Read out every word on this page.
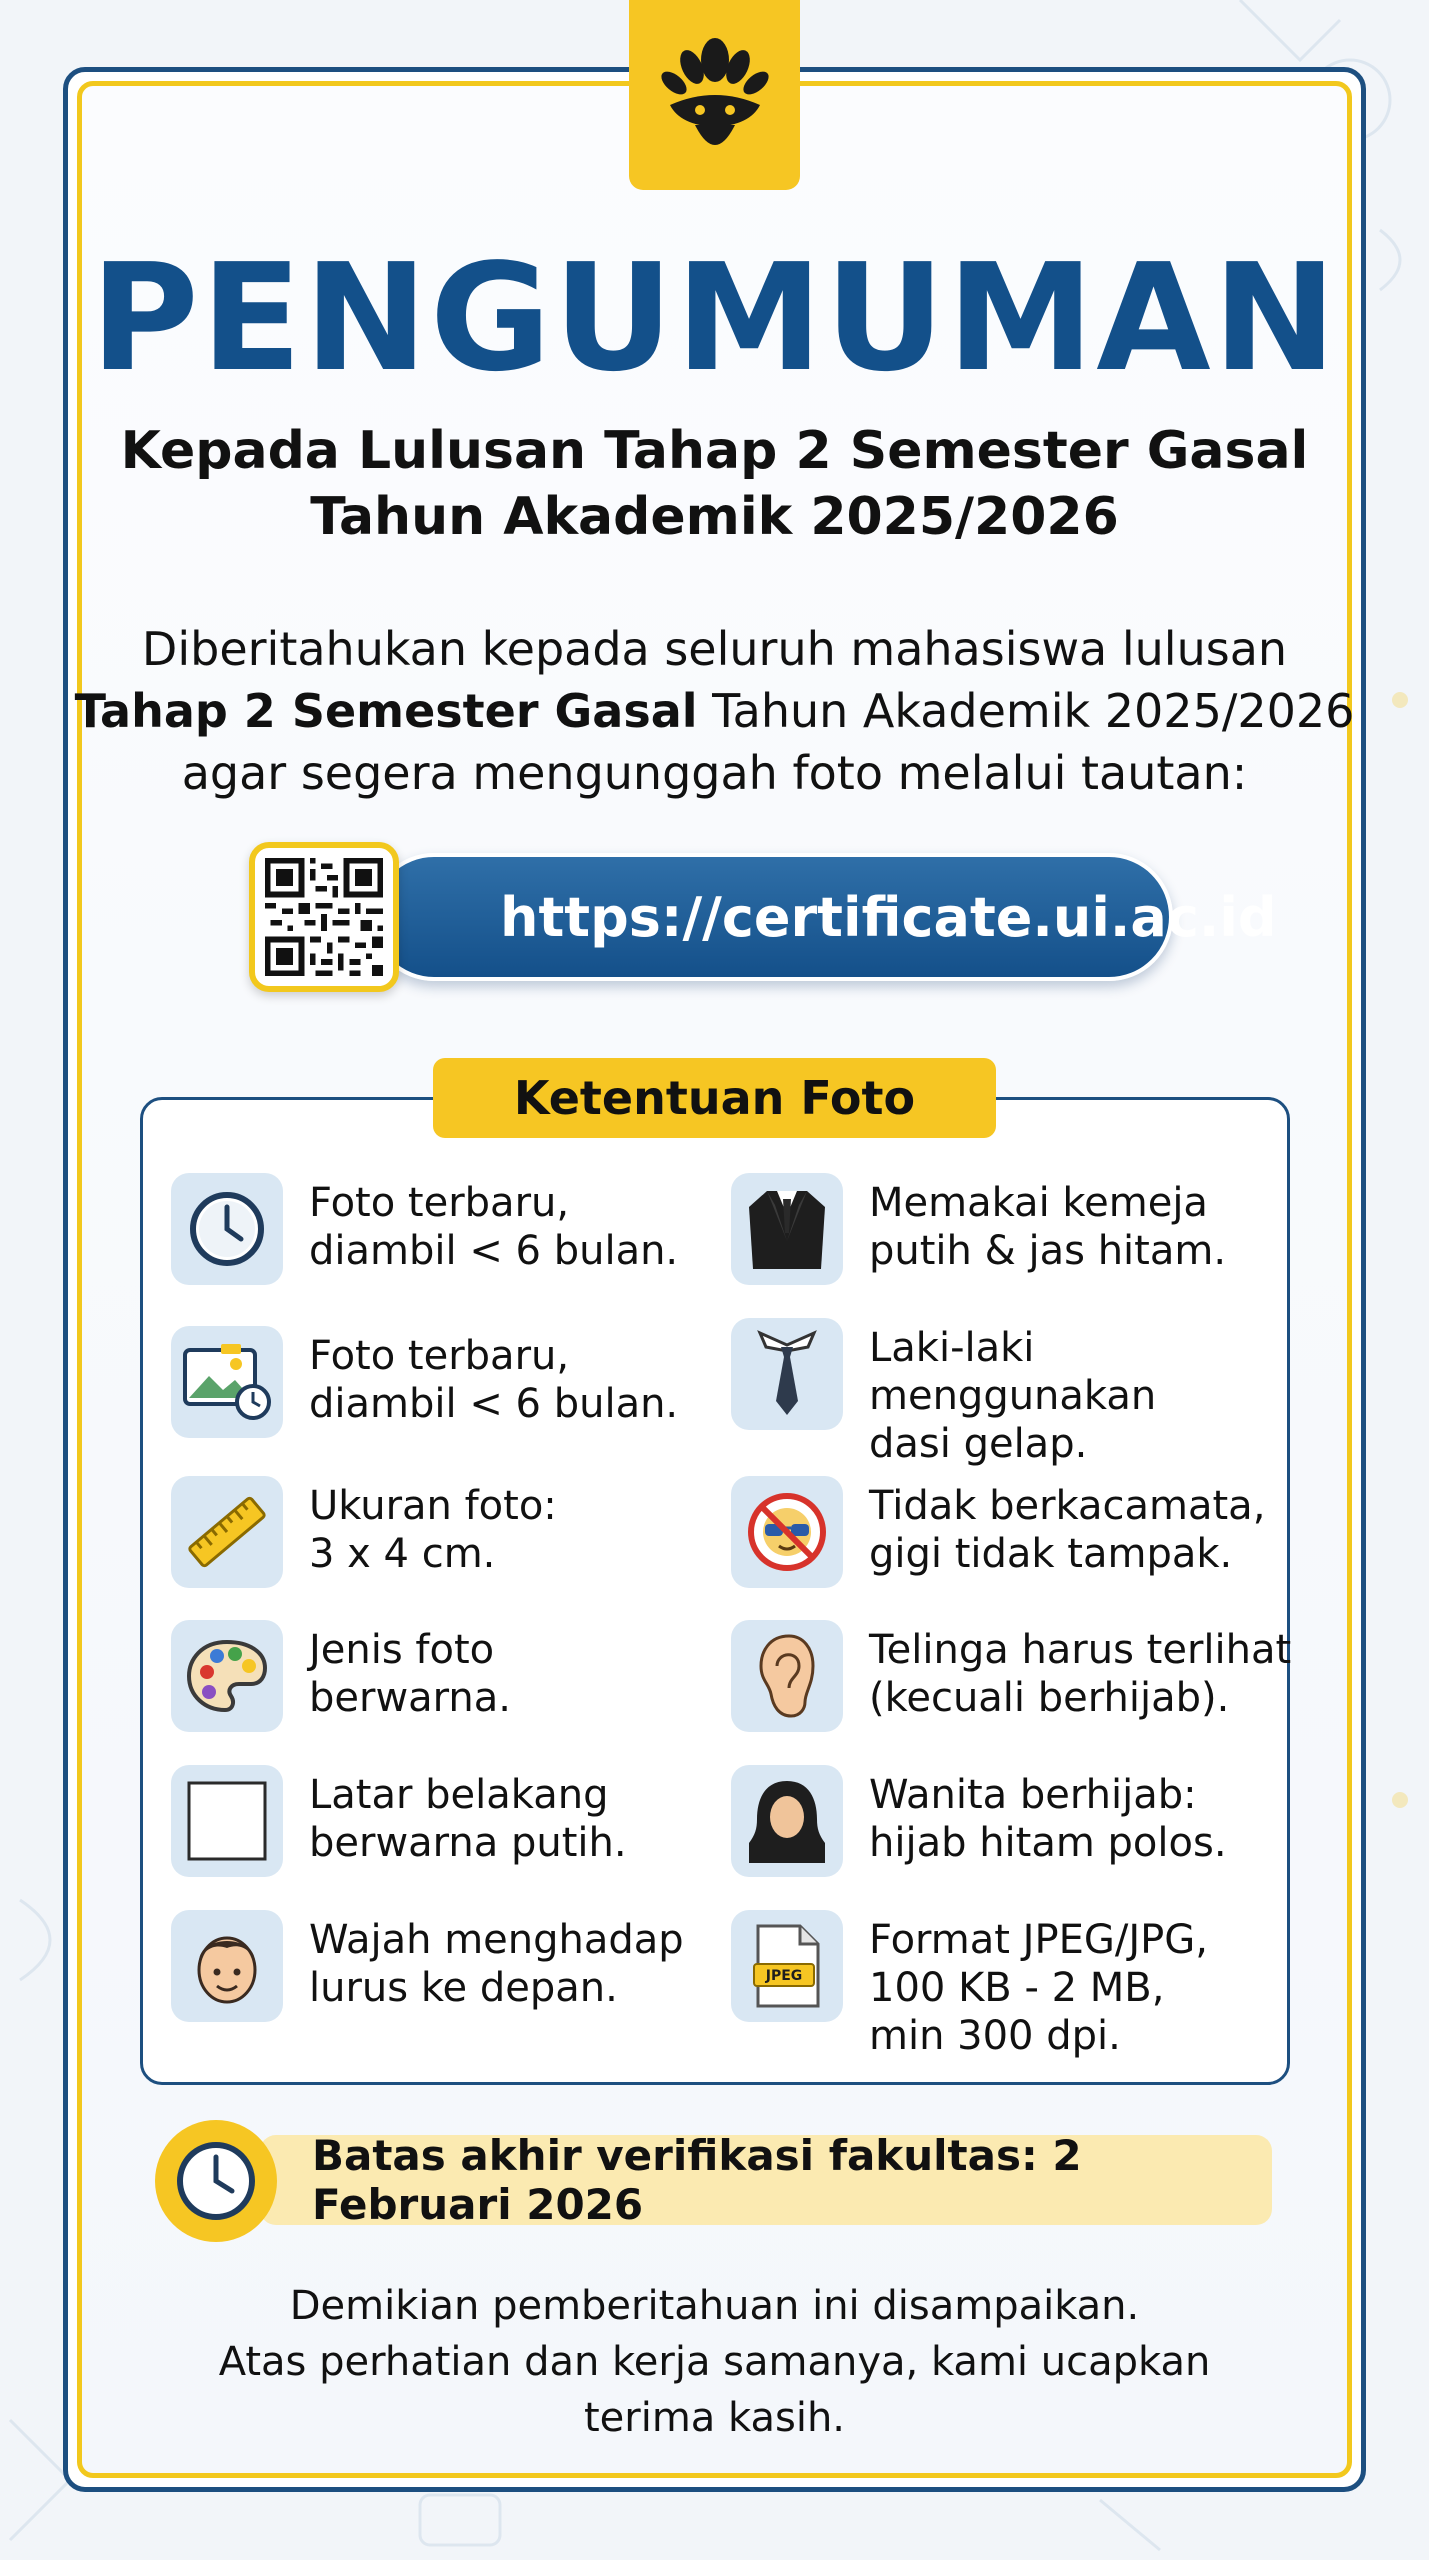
PENGUMUMAN
Kepada Lulusan Tahap 2 Semester Gasal
Tahun Akademik 2025/2026
Diberitahukan kepada seluruh mahasiswa lulusan
Tahap 2 Semester Gasal Tahun Akademik 2025/2026
agar segera mengunggah foto melalui tautan:
https://certificate.ui.ac.id
Ketentuan Foto
Foto terbaru,
diambil < 6 bulan.
Foto terbaru,
diambil < 6 bulan.
Ukuran foto:
3 x 4 cm.
Jenis foto
berwarna.
Latar belakang
berwarna putih.
Wajah menghadap
lurus ke depan.
Memakai kemeja
putih & jas hitam.
Laki-laki
menggunakan
dasi gelap.
Tidak berkacamata,
gigi tidak tampak.
Telinga harus terlihat
(kecuali berhijab).
Wanita berhijab:
hijab hitam polos.
JPEG
Format JPEG/JPG,
100 KB - 2 MB,
min 300 dpi.
Batas akhir verifikasi fakultas: 2 Februari 2026
Demikian pemberitahuan ini disampaikan.
Atas perhatian dan kerja samanya, kami ucapkan
terima kasih.
